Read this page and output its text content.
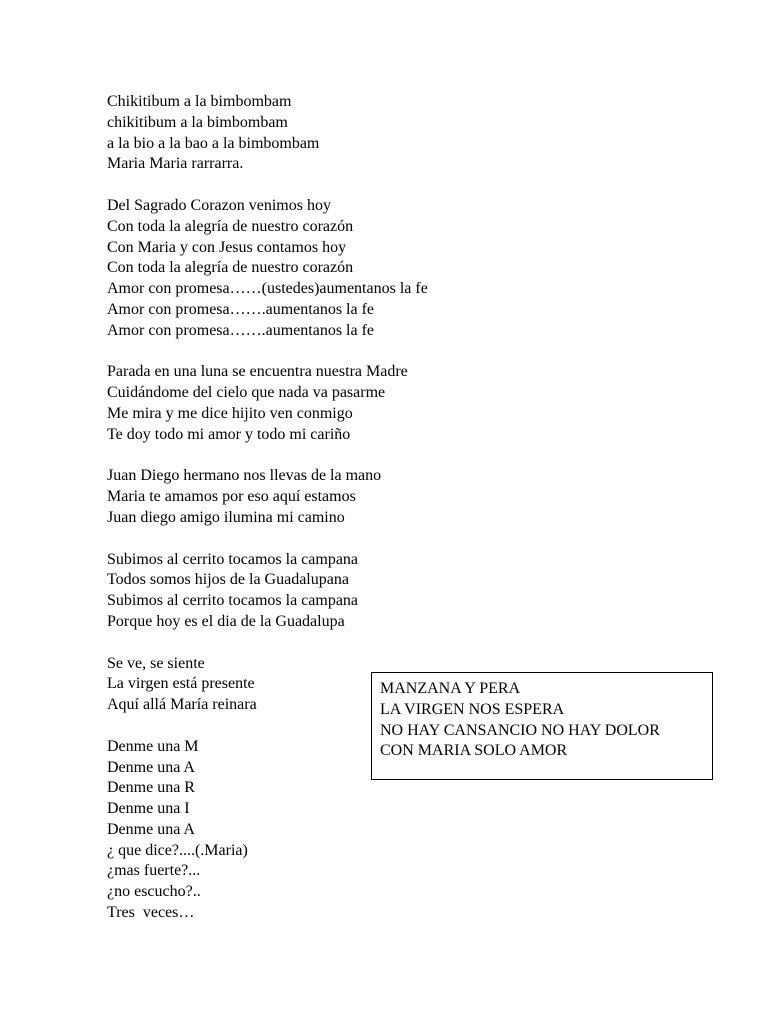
Chikitibum a la bimbombam
chikitibum a la bimbombam
a la bio a la bao a la bimbombam
Maria Maria rarrarra.
Del Sagrado Corazon venimos hoy
Con toda la alegría de nuestro corazón
Con Maria y con Jesus contamos hoy
Con toda la alegría de nuestro corazón
Amor con promesa……(ustedes)aumentanos la fe
Amor con promesa…….aumentanos la fe
Amor con promesa…….aumentanos la fe
Parada en una luna se encuentra nuestra Madre
Cuidándome del cielo que nada va pasarme
Me mira y me dice hijito ven conmigo
Te doy todo mi amor y todo mi cariño
Juan Diego hermano nos llevas de la mano
Maria te amamos por eso aquí estamos
Juan diego amigo ilumina mi camino
Subimos al cerrito tocamos la campana
Todos somos hijos de la Guadalupana
Subimos al cerrito tocamos la campana
Porque hoy es el dia de la Guadalupa
Se ve, se siente
La virgen está presente
Aquí allá María reinara
Denme una M
Denme una A
Denme una R
Denme una I
Denme una A
¿ que dice?....(.Maria)
¿mas fuerte?...
¿no escucho?..
Tres  veces…
MANZANA Y PERA
LA VIRGEN NOS ESPERA
NO HAY CANSANCIO NO HAY DOLOR
CON MARIA SOLO AMOR
